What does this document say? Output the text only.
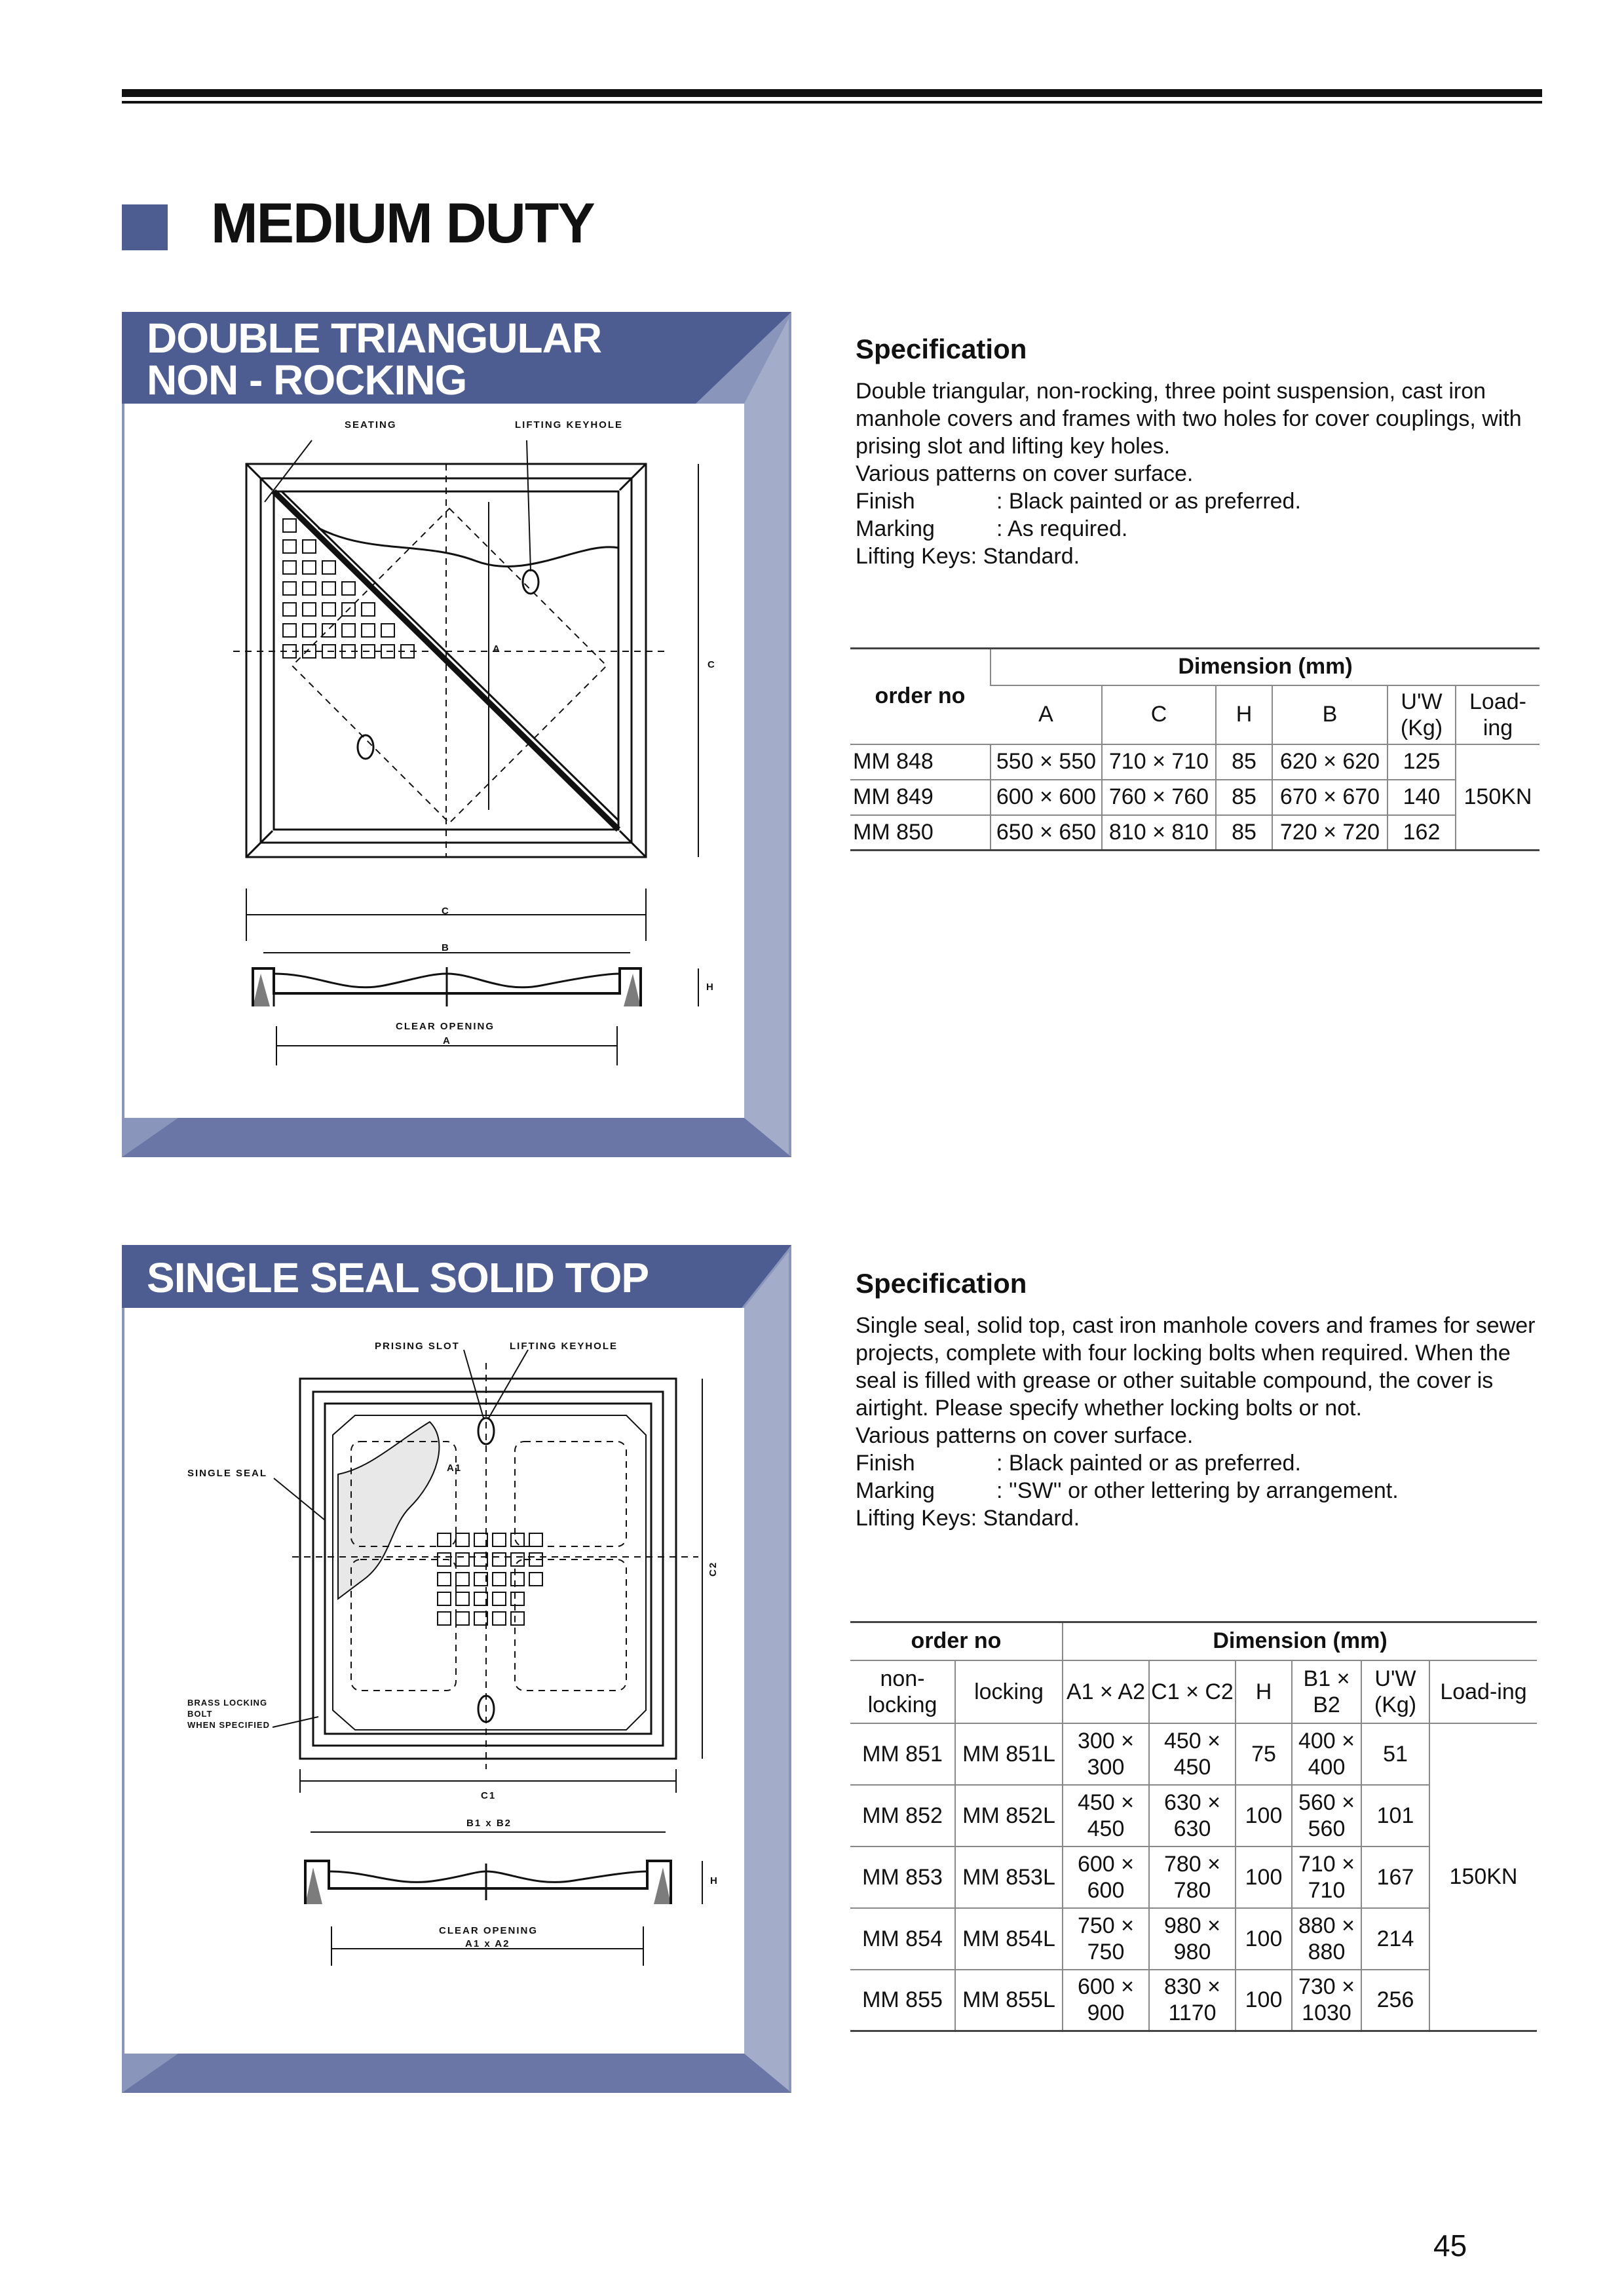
MEDIUM DUTY
DOUBLE TRIANGULAR
NON - ROCKING
SEATING	LIFTING KEYHOLE
A
C
C
B
H
CLEAR OPENING
A
Specification

Double triangular, non-rocking, three point suspension, cast iron manhole covers and frames with two holes for cover couplings, with prising slot and lifting key holes.

Various patterns on cover surface.

Finish	: Black painted or as preferred.
Marking	: As required.

Lifting Keys: Standard.

order no	Dimension (mm)					
	A	C	H	B	U'W (Kg)	Load-ing
MM 848	550 × 550	710 × 710	85	620 × 620	125	150KN
MM 849	600 × 600	760 × 760	85	670 × 670	140	
MM 850	650 × 650	810 × 810	85	720 × 720	162	
SINGLE SEAL SOLID TOP
PRISING SLOT	LIFTING KEYHOLE
SINGLE SEAL
BRASS LOCKING
BOLT
WHEN SPECIFIED
A1
C2
C1
B1 x B2
H
CLEAR OPENING
A1 x A2
Specification

Single seal, solid top, cast iron manhole covers and frames for sewer projects, complete with four locking bolts when required. When the seal is filled with grease or other suitable compound, the cover is airtight. Please specify whether locking bolts or not.

Various patterns on cover surface.

Finish	: Black painted or as preferred.
Marking	: ''SW'' or other lettering by arrangement.

Lifting Keys: Standard.

order no		Dimension (mm)					
non-locking	locking	A1 × A2	C1 × C2	H	B1 × B2	U'W (Kg)	Load-ing
MM 851	MM 851L	300 × 300	450 × 450	75	400 × 400	51	150KN
MM 852	MM 852L	450 × 450	630 × 630	100	560 × 560	101	
MM 853	MM 853L	600 × 600	780 × 780	100	710 × 710	167	
MM 854	MM 854L	750 × 750	980 × 980	100	880 × 880	214	
MM 855	MM 855L	600 × 900	830 × 1170	100	730 × 1030	256	
45
